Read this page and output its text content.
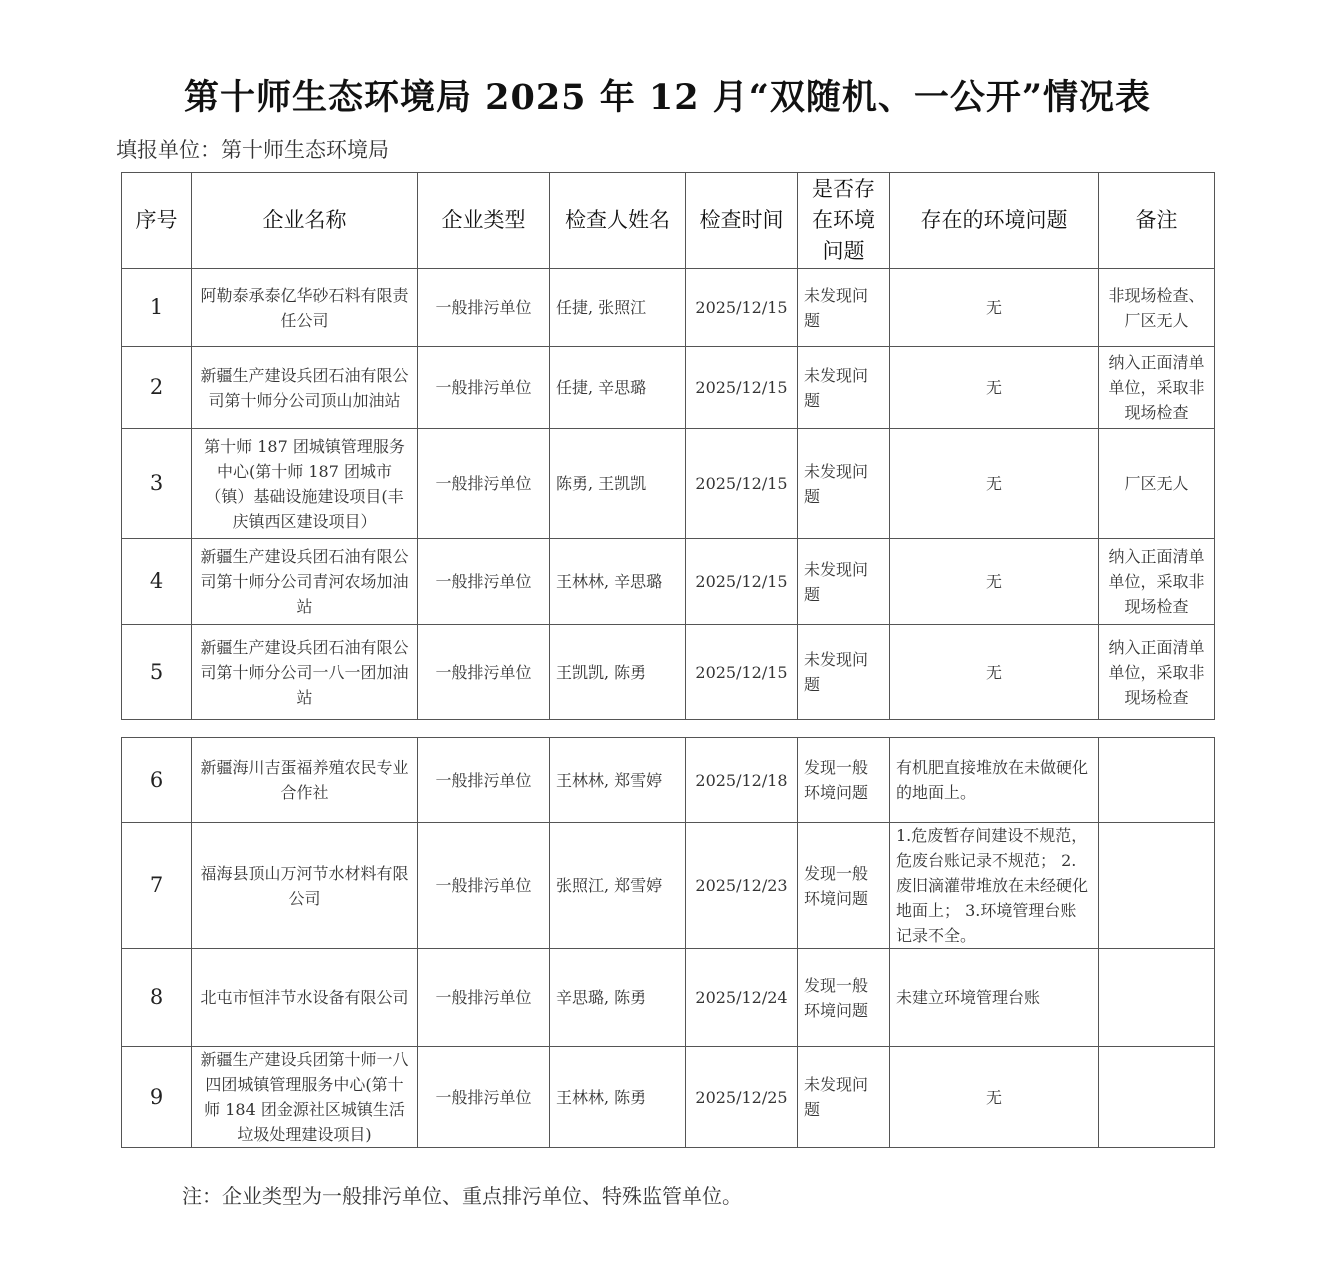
第十师生态环境局 2025 年 12 月“双随机、一公开”情况表
填报单位：第十师生态环境局
序号	企业名称	企业类型	检查人姓名	检查时间	是否存在环境问题	存在的环境问题	备注
1	阿勒泰承泰亿华砂石料有限责任公司	一般排污单位	任捷, 张照江	2025/12/15	未发现问题	无	非现场检查、厂区无人
2	新疆生产建设兵团石油有限公司第十师分公司顶山加油站	一般排污单位	任捷, 辛思璐	2025/12/15	未发现问题	无	纳入正面清单单位，采取非现场检查
3	第十师 187 团城镇管理服务中心(第十师 187 团城市（镇）基础设施建设项目(丰庆镇西区建设项目）	一般排污单位	陈勇, 王凯凯	2025/12/15	未发现问题	无	厂区无人
4	新疆生产建设兵团石油有限公司第十师分公司青河农场加油站	一般排污单位	王林林, 辛思璐	2025/12/15	未发现问题	无	纳入正面清单单位，采取非现场检查
5	新疆生产建设兵团石油有限公司第十师分公司一八一团加油站	一般排污单位	王凯凯, 陈勇	2025/12/15	未发现问题	无	纳入正面清单单位，采取非现场检查
6	新疆海川吉蛋福养殖农民专业合作社	一般排污单位	王林林, 郑雪婷	2025/12/18	发现一般环境问题	有机肥直接堆放在未做硬化的地面上。	
7	福海县顶山万河节水材料有限公司	一般排污单位	张照江, 郑雪婷	2025/12/23	发现一般环境问题	1.危废暂存间建设不规范，危废台账记录不规范； 2.废旧滴灌带堆放在未经硬化地面上； 3.环境管理台账记录不全。	
8	北屯市恒沣节水设备有限公司	一般排污单位	辛思璐, 陈勇	2025/12/24	发现一般环境问题	未建立环境管理台账	
9	新疆生产建设兵团第十师一八四团城镇管理服务中心(第十师 184 团金源社区城镇生活垃圾处理建设项目)	一般排污单位	王林林, 陈勇	2025/12/25	未发现问题	无	
注：企业类型为一般排污单位、重点排污单位、特殊监管单位。
